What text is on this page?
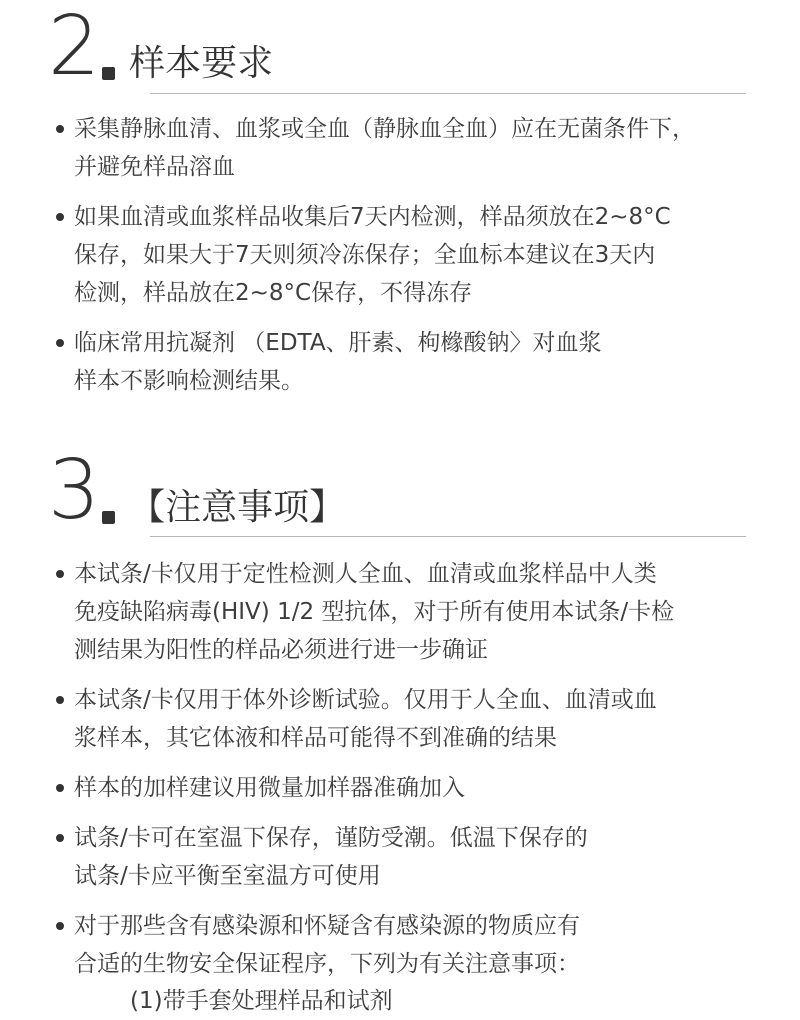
2 样本要求
采集静脉血清、血浆或全血（静脉血全血）应在无菌条件下，
并避免样品溶血
如果血清或血浆样品收集后7天内检测，样品须放在2~8°C
保存，如果大于7天则须冷冻保存；全血标本建议在3天内
检测，样品放在2~8°C保存，不得冻存
临床常用抗凝剂 （EDTA、肝素、枸橼酸钠〉对血浆
样本不影响检测结果。
3 【注意事项】
本试条/卡仅用于定性检测人全血、血清或血浆样品中人类
免疫缺陷病毒(HIV) 1/2 型抗体，对于所有使用本试条/卡检
测结果为阳性的样品必须进行进一步确证
本试条/卡仅用于体外诊断试验。仅用于人全血、血清或血
浆样本，其它体液和样品可能得不到准确的结果
样本的加样建议用微量加样器准确加入
试条/卡可在室温下保存，谨防受潮。低温下保存的
试条/卡应平衡至室温方可使用
对于那些含有感染源和怀疑含有感染源的物质应有
合适的生物安全保证程序，下列为有关注意事项：
(1)带手套处理样品和试剂
